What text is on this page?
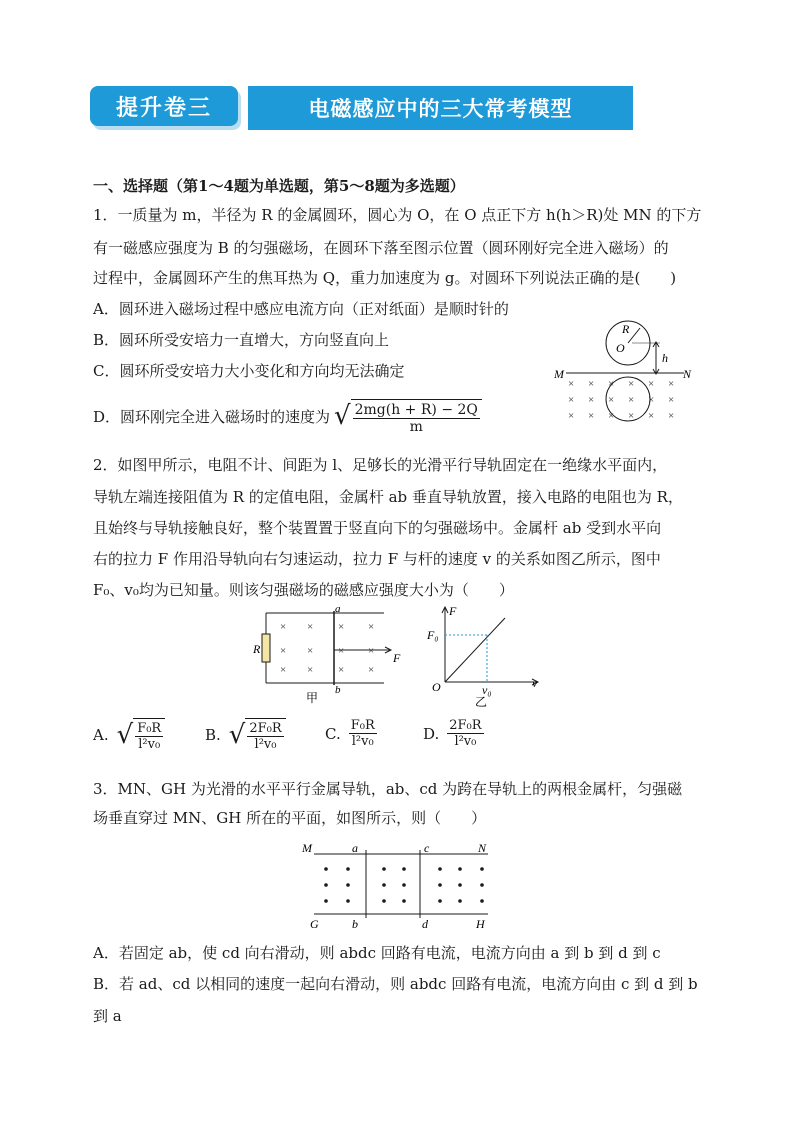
提升卷三	电磁感应中的三大常考模型
一、选择题（第1～4题为单选题，第5～8题为多选题）
1．一质量为 m，半径为 R 的金属圆环，圆心为 O，在 O 点正下方 h(h＞R)处 MN 的下方
有一磁感应强度为 B 的匀强磁场，在圆环下落至图示位置（圆环刚好完全进入磁场）的
过程中，金属圆环产生的焦耳热为 Q，重力加速度为 g。对圆环下列说法正确的是(　　)
A．圆环进入磁场过程中感应电流方向（正对纸面）是顺时针的
B．圆环所受安培力一直增大，方向竖直向上
C．圆环所受安培力大小变化和方向均无法确定
D．圆环刚完全进入磁场时的速度为 √ $\frac{2mg(h + R) - 2Q}{m}$
R
O
h
M	N
× × × × × ×
× × × × × ×
× × × × × ×
2．如图甲所示，电阻不计、间距为 l、足够长的光滑平行导轨固定在一绝缘水平面内，
导轨左端连接阻值为 R 的定值电阻，金属杆 ab 垂直导轨放置，接入电路的电阻也为 R，
且始终与导轨接触良好，整个装置置于竖直向下的匀强磁场中。金属杆 ab 受到水平向
右的拉力 F 作用沿导轨向右匀速运动，拉力 F 与杆的速度 v 的关系如图乙所示，图中
F₀、v₀均为已知量。则该匀强磁场的磁感应强度大小为（　　）
R
a
b
F
甲
× × × ×
× × × ×
× × × ×
F
F₀
O	v₀	v
乙
A. √ $\frac{\text{F₀R}}{\text{l²v₀}}$	B. √ $\frac{\text{2F₀R}}{\text{l²v₀}}$	C. $\frac{\text{F₀R}}{\text{l²v₀}}$	D. $\frac{\text{2F₀R}}{\text{l²v₀}}$
3．MN、GH 为光滑的水平平行金属导轨，ab、cd 为跨在导轨上的两根金属杆，匀强磁
场垂直穿过 MN、GH 所在的平面，如图所示，则（　　）
M	a	c	N
G	b	d	H
A．若固定 ab，使 cd 向右滑动，则 abdc 回路有电流，电流方向由 a 到 b 到 d 到 c
B．若 ad、cd 以相同的速度一起向右滑动，则 abdc 回路有电流，电流方向由 c 到 d 到 b
到 a
